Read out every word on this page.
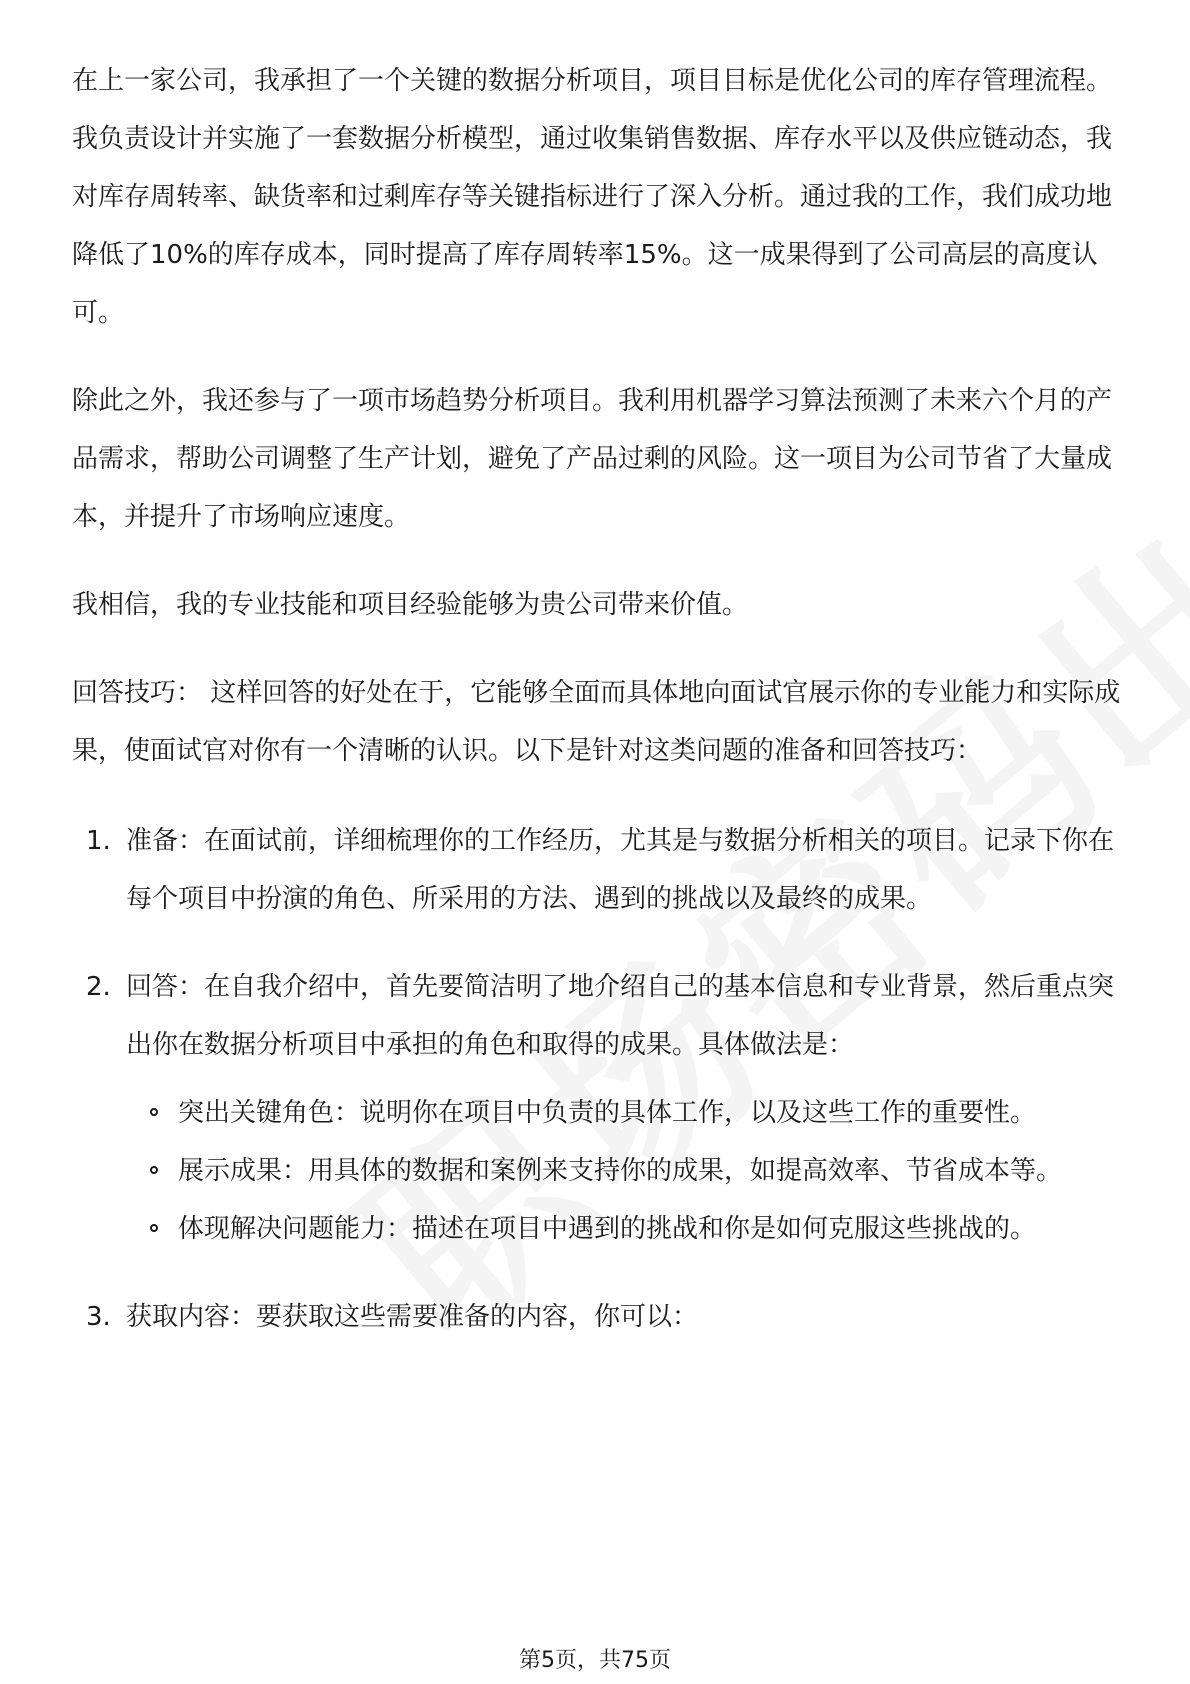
在上一家公司，我承担了一个关键的数据分析项目，项目目标是优化公司的库存管理流程。我负责设计并实施了一套数据分析模型，通过收集销售数据、库存水平以及供应链动态，我对库存周转率、缺货率和过剩库存等关键指标进行了深入分析。通过我的工作，我们成功地降低了10%的库存成本，同时提高了库存周转率15%。这一成果得到了公司高层的高度认可。

除此之外，我还参与了一项市场趋势分析项目。我利用机器学习算法预测了未来六个月的产品需求，帮助公司调整了生产计划，避免了产品过剩的风险。这一项目为公司节省了大量成本，并提升了市场响应速度。

我相信，我的专业技能和项目经验能够为贵公司带来价值。

回答技巧： 这样回答的好处在于，它能够全面而具体地向面试官展示你的专业能力和实际成果，使面试官对你有一个清晰的认识。以下是针对这类问题的准备和回答技巧：

1. 准备：在面试前，详细梳理你的工作经历，尤其是与数据分析相关的项目。记录下你在每个项目中扮演的角色、所采用的方法、遇到的挑战以及最终的成果。
2. 回答：在自我介绍中，首先要简洁明了地介绍自己的基本信息和专业背景，然后重点突出你在数据分析项目中承担的角色和取得的成果。具体做法是：
突出关键角色：说明你在项目中负责的具体工作，以及这些工作的重要性。
展示成果：用具体的数据和案例来支持你的成果，如提高效率、节省成本等。
体现解决问题能力：描述在项目中遇到的挑战和你是如何克服这些挑战的。
3. 获取内容：要获取这些需要准备的内容，你可以：
第5页，共75页
